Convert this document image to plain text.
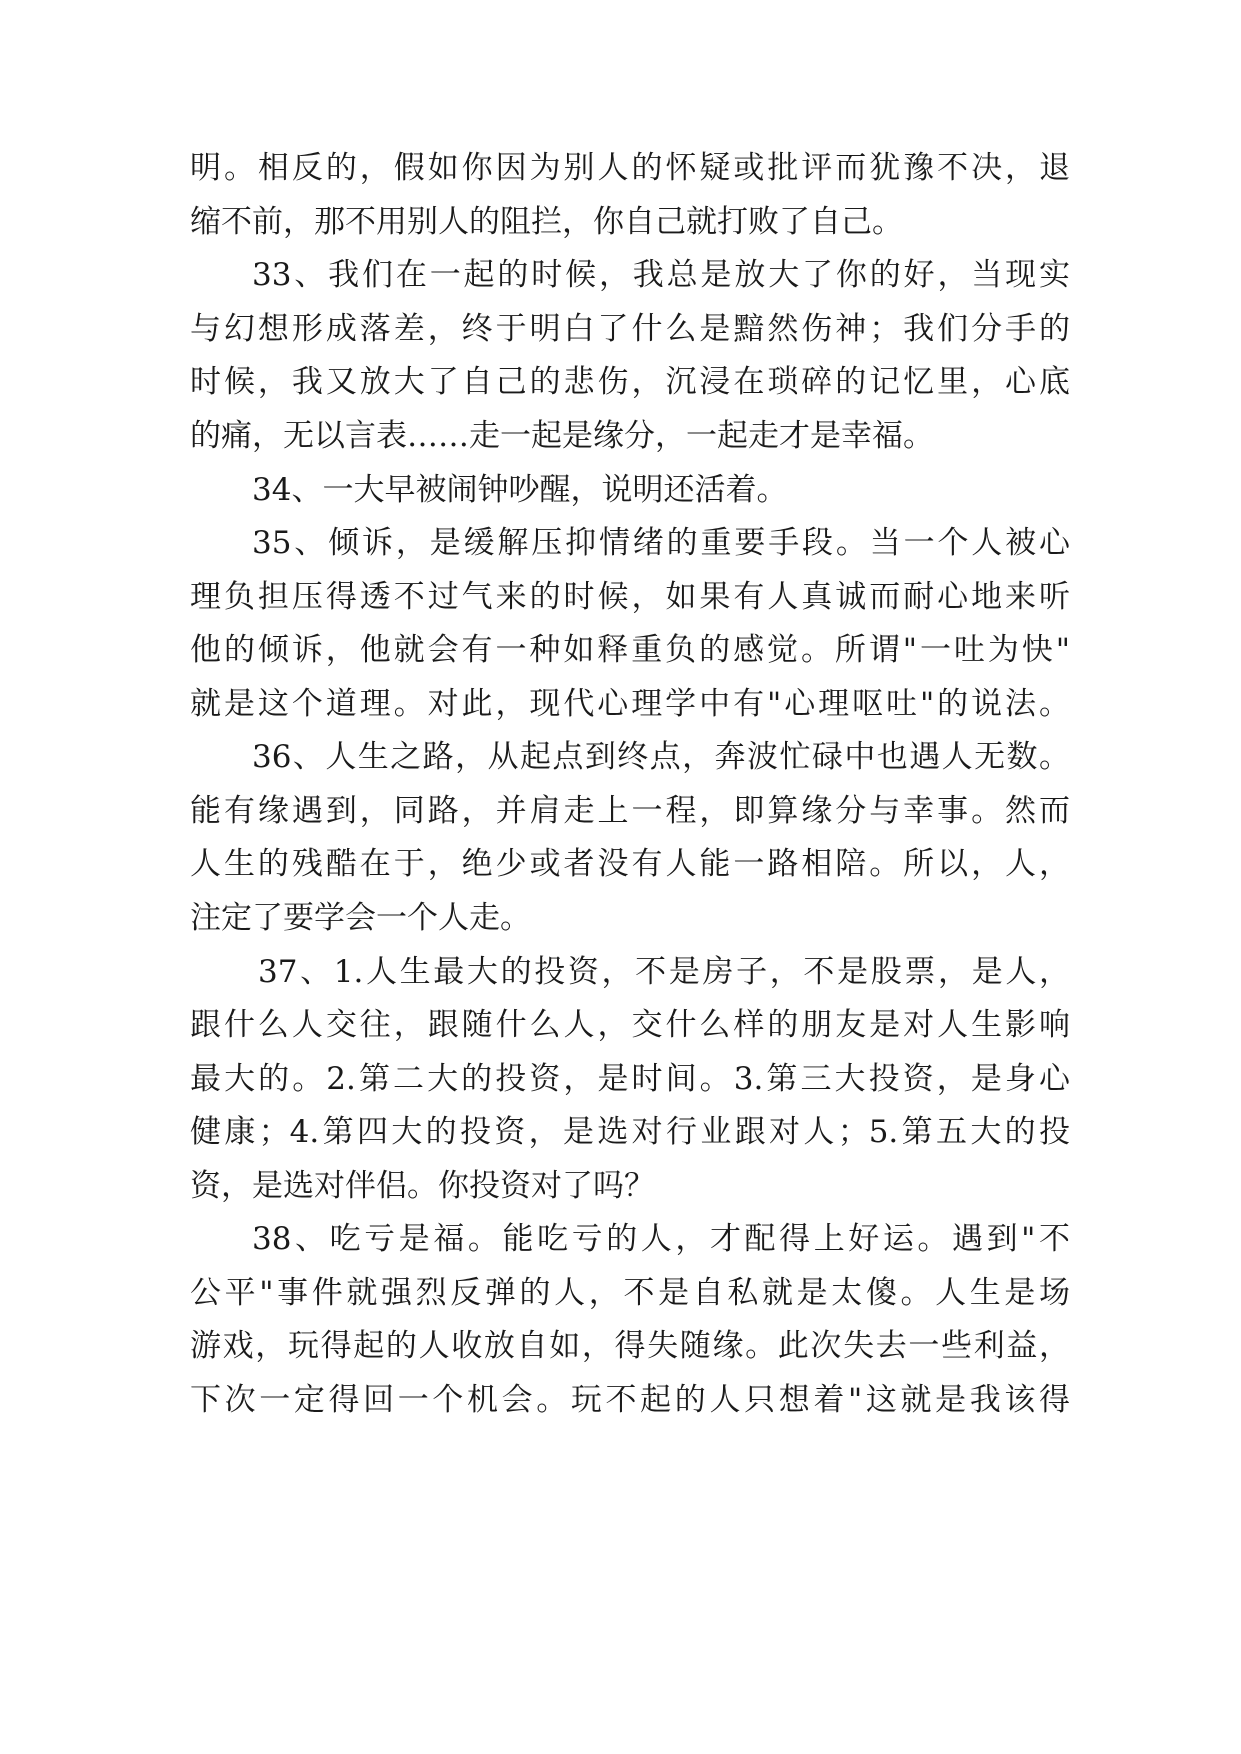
明。相反的，假如你因为别人的怀疑或批评而犹豫不决，退
缩不前，那不用别人的阻拦，你自己就打败了自己。
33、我们在一起的时候，我总是放大了你的好，当现实
与幻想形成落差，终于明白了什么是黯然伤神；我们分手的
时候，我又放大了自己的悲伤，沉浸在琐碎的记忆里，心底
的痛，无以言表……走一起是缘分，一起走才是幸福。
34、一大早被闹钟吵醒，说明还活着。
35、倾诉，是缓解压抑情绪的重要手段。当一个人被心
理负担压得透不过气来的时候，如果有人真诚而耐心地来听
他的倾诉，他就会有一种如释重负的感觉。所谓"一吐为快"
就是这个道理。对此，现代心理学中有"心理呕吐"的说法。
36、人生之路，从起点到终点，奔波忙碌中也遇人无数。
能有缘遇到，同路，并肩走上一程，即算缘分与幸事。然而
人生的残酷在于，绝少或者没有人能一路相陪。所以，人，
注定了要学会一个人走。
37、1.人生最大的投资，不是房子，不是股票，是人，
跟什么人交往，跟随什么人，交什么样的朋友是对人生影响
最大的。2.第二大的投资，是时间。3.第三大投资，是身心
健康；4.第四大的投资，是选对行业跟对人；5.第五大的投
资，是选对伴侣。你投资对了吗？
38、吃亏是福。能吃亏的人，才配得上好运。遇到"不
公平"事件就强烈反弹的人，不是自私就是太傻。人生是场
游戏，玩得起的人收放自如，得失随缘。此次失去一些利益，
下次一定得回一个机会。玩不起的人只想着"这就是我该得
